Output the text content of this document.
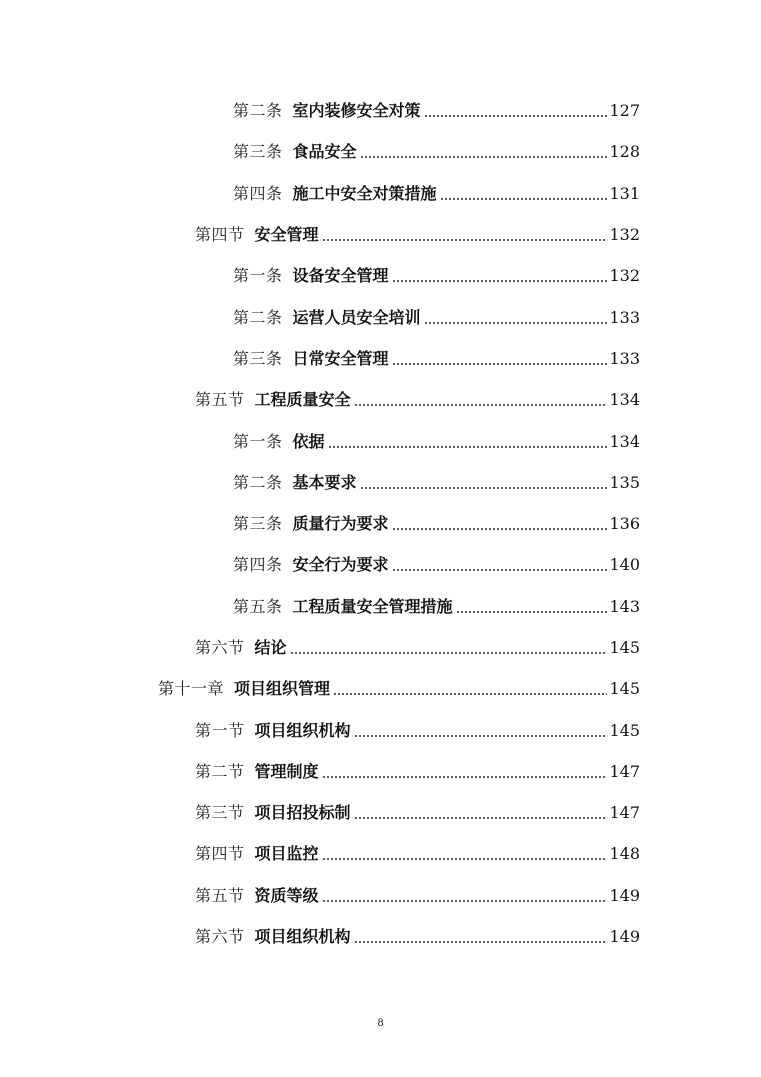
第二条 室内装修安全对策	127
第三条 食品安全	128
第四条 施工中安全对策措施	131
第四节 安全管理	132
第一条 设备安全管理	132
第二条 运营人员安全培训	133
第三条 日常安全管理	133
第五节 工程质量安全	134
第一条 依据	134
第二条 基本要求	135
第三条 质量行为要求	136
第四条 安全行为要求	140
第五条 工程质量安全管理措施	143
第六节 结论	145
第十一章 项目组织管理	145
第一节 项目组织机构	145
第二节 管理制度	147
第三节 项目招投标制	147
第四节 项目监控	148
第五节 资质等级	149
第六节 项目组织机构	149
8
